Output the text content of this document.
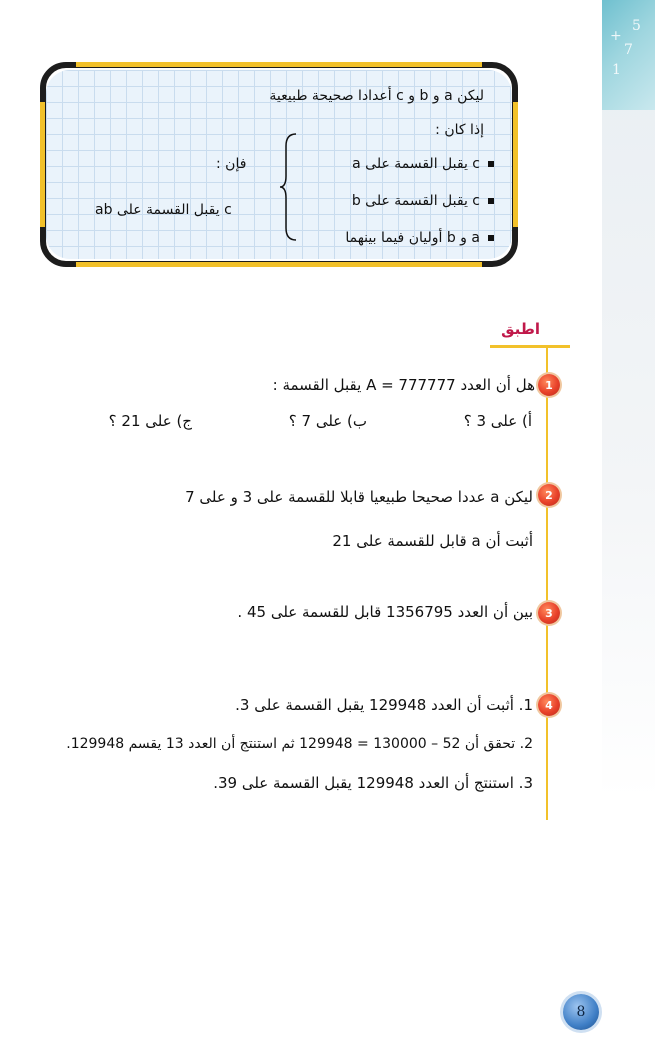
+
7
1
5
ليكن a و b و c أعدادا صحيحة طبيعية
إذا كان :
c يقبل القسمة على a
c يقبل القسمة على b
a و b أوليان فيما بينهما
فإن :
c يقبل القسمة على ab
اطبق
1
هل أن العدد A = 777777 يقبل القسمة :
أ) على 3 ؟
ب) على 7 ؟
ج) على 21 ؟
2
ليكن a عددا صحيحا طبيعيا قابلا للقسمة على 3 و على 7
أثبت أن a قابل للقسمة على 21
3
بين أن العدد 1356795 قابل للقسمة على 45 .
4
1. أثبت أن العدد 129948 يقبل القسمة على 3.
2. تحقق أن 52 – 130000 = 129948 ثم استنتج أن العدد 13 يقسم 129948.
3. استنتج أن العدد 129948 يقبل القسمة على 39.
8
